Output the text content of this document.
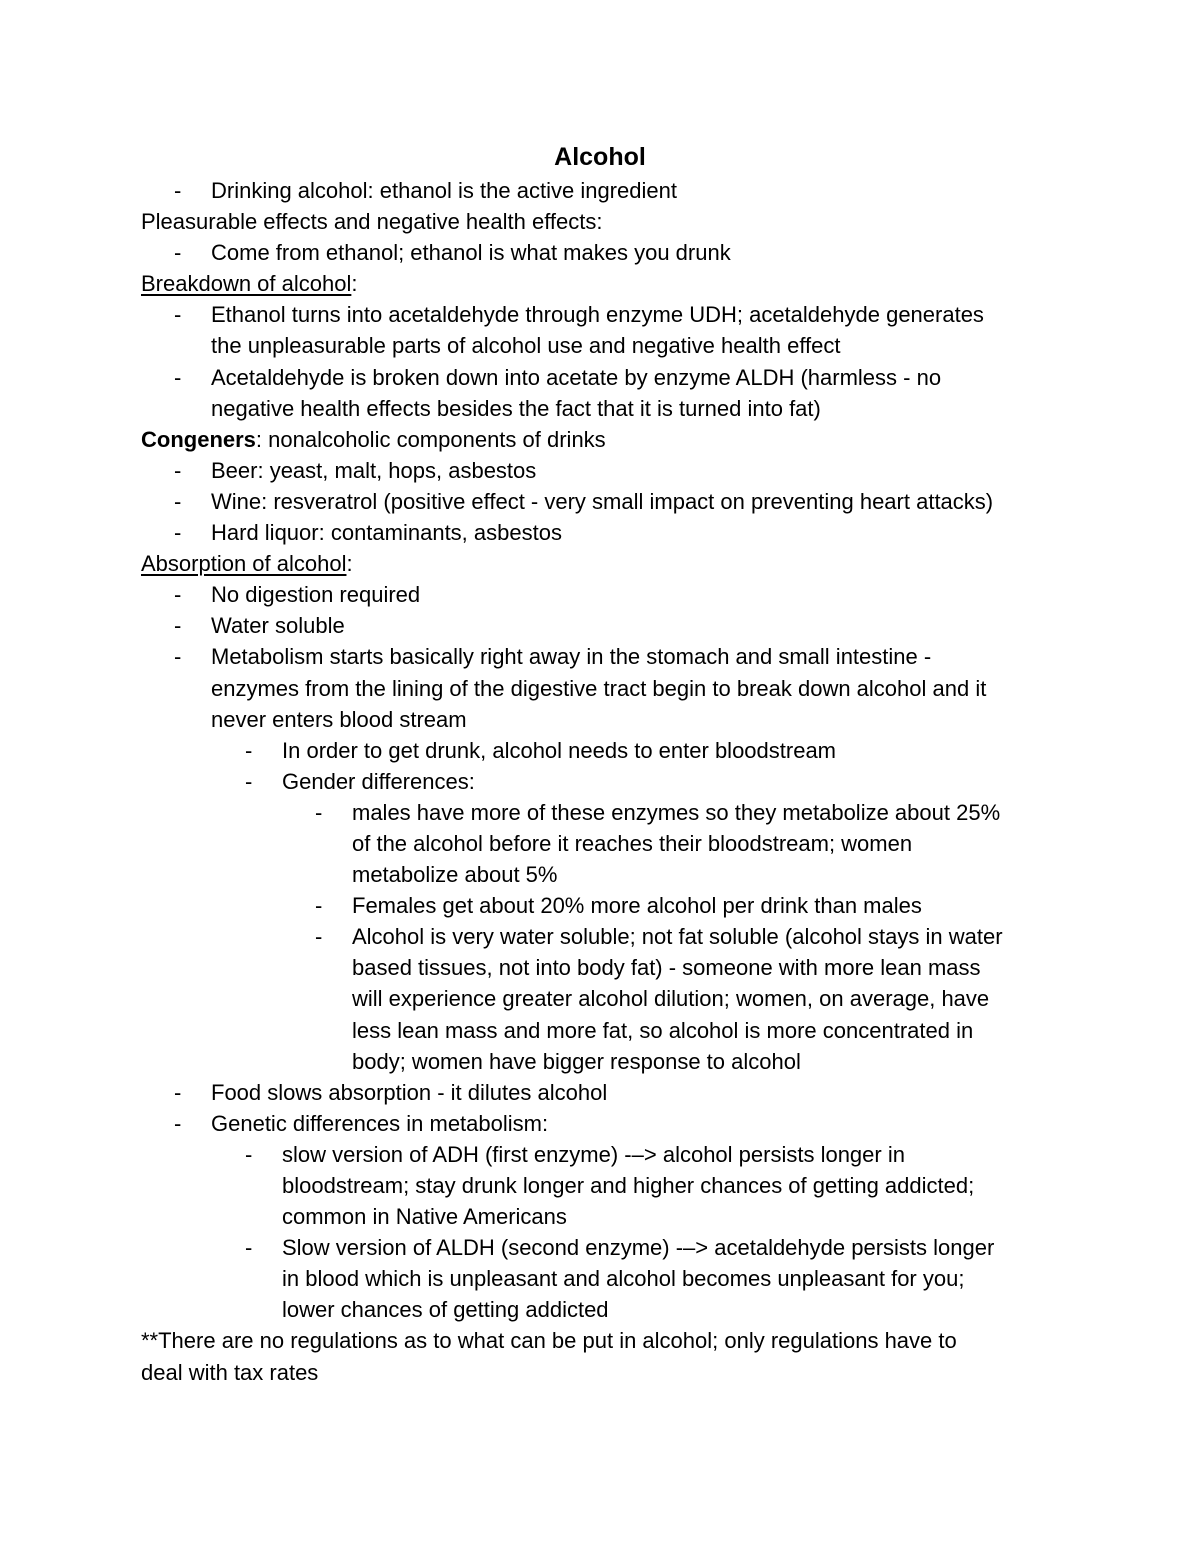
Alcohol
- Drinking alcohol: ethanol is the active ingredient
Pleasurable effects and negative health effects:
- Come from ethanol; ethanol is what makes you drunk
Breakdown of alcohol:
- Ethanol turns into acetaldehyde through enzyme UDH; acetaldehyde generates
the unpleasurable parts of alcohol use and negative health effect
- Acetaldehyde is broken down into acetate by enzyme ALDH (harmless - no
negative health effects besides the fact that it is turned into fat)
Congeners: nonalcoholic components of drinks
- Beer: yeast, malt, hops, asbestos
- Wine: resveratrol (positive effect - very small impact on preventing heart attacks)
- Hard liquor: contaminants, asbestos
Absorption of alcohol:
- No digestion required
- Water soluble
- Metabolism starts basically right away in the stomach and small intestine -
enzymes from the lining of the digestive tract begin to break down alcohol and it
never enters blood stream
- In order to get drunk, alcohol needs to enter bloodstream
- Gender differences:
- males have more of these enzymes so they metabolize about 25%
of the alcohol before it reaches their bloodstream; women
metabolize about 5%
- Females get about 20% more alcohol per drink than males
- Alcohol is very water soluble; not fat soluble (alcohol stays in water
based tissues, not into body fat) - someone with more lean mass
will experience greater alcohol dilution; women, on average, have
less lean mass and more fat, so alcohol is more concentrated in
body; women have bigger response to alcohol
- Food slows absorption - it dilutes alcohol
- Genetic differences in metabolism:
- slow version of ADH (first enzyme) -–> alcohol persists longer in
bloodstream; stay drunk longer and higher chances of getting addicted;
common in Native Americans
- Slow version of ALDH (second enzyme) -–> acetaldehyde persists longer
in blood which is unpleasant and alcohol becomes unpleasant for you;
lower chances of getting addicted
**There are no regulations as to what can be put in alcohol; only regulations have to
deal with tax rates
